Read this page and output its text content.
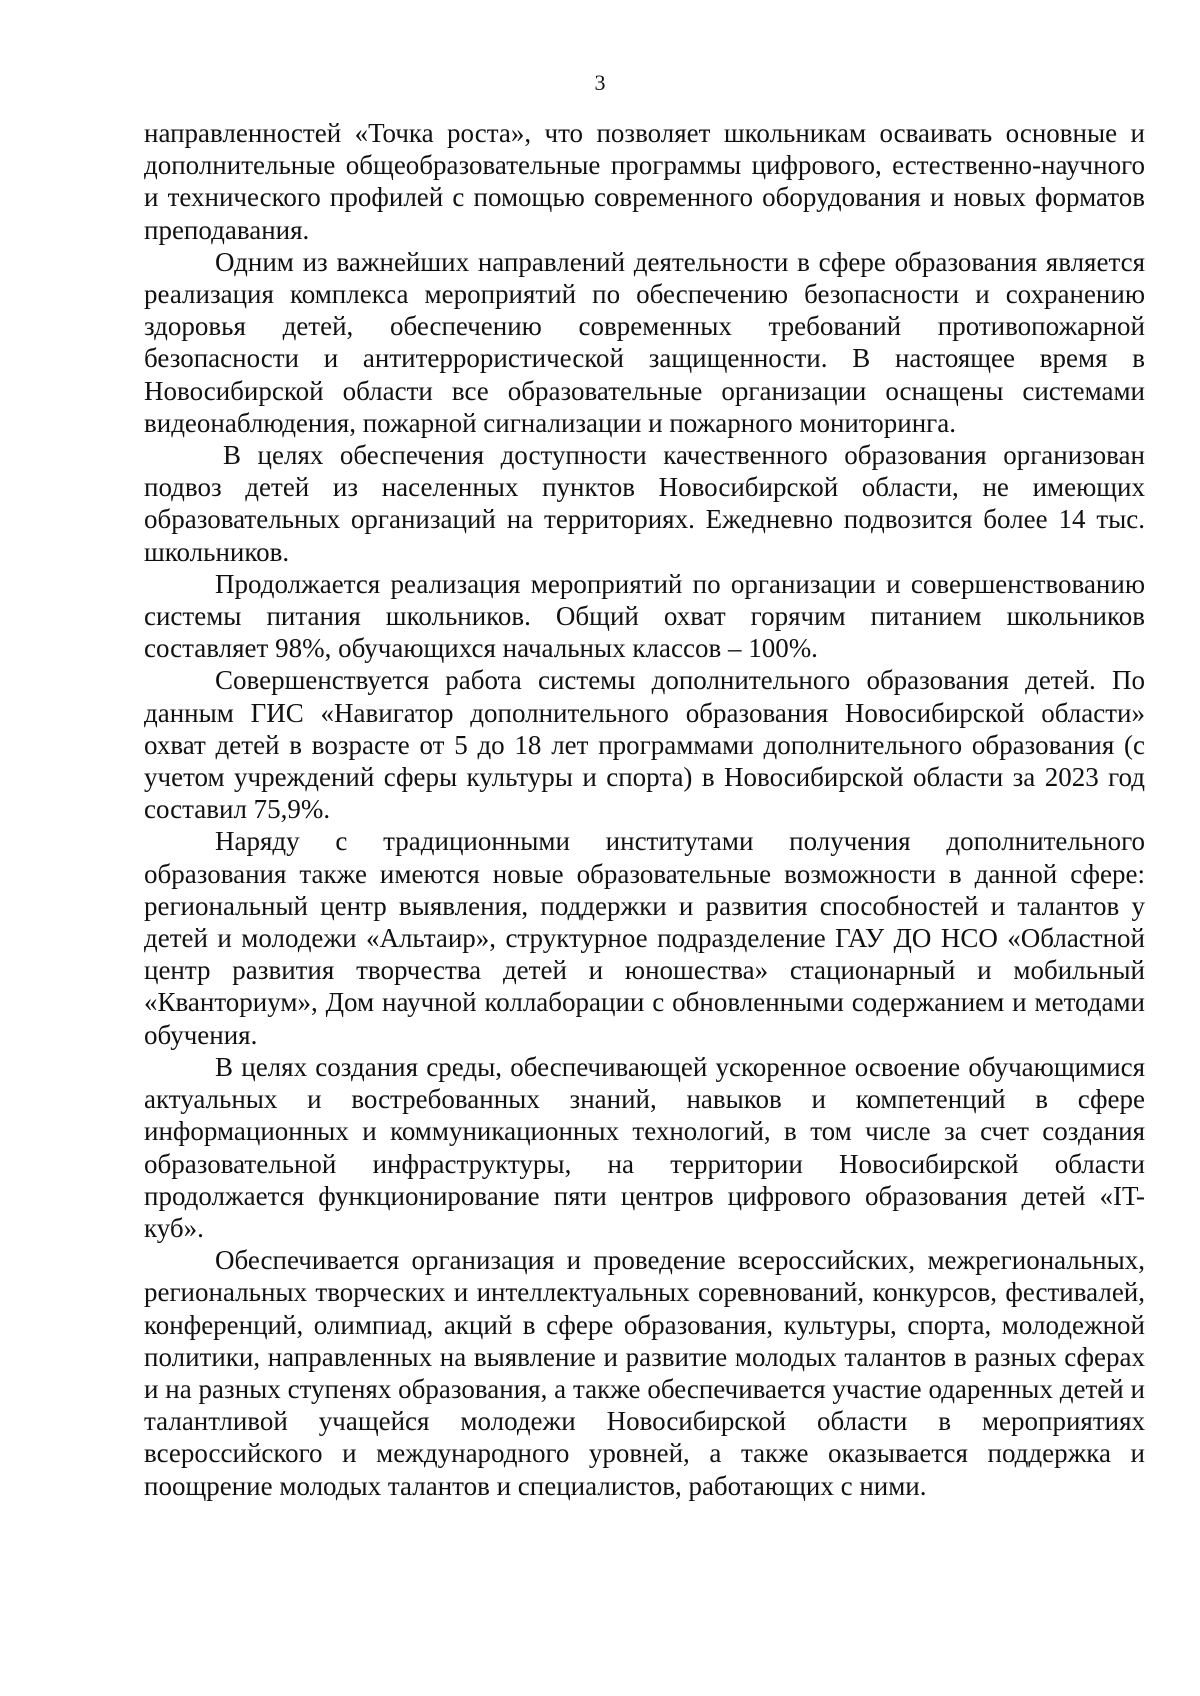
3

направленностей «Точка роста», что позволяет школьникам осваивать основные и дополнительные общеобразовательные программы цифрового, естественно-научного и технического профилей с помощью современного оборудования и новых форматов преподавания.

Одним из важнейших направлений деятельности в сфере образования является реализация комплекса мероприятий по обеспечению безопасности и сохранению здоровья детей, обеспечению современных требований противопожарной безопасности и антитеррористической защищенности. В настоящее время в Новосибирской области все образовательные организации оснащены системами видеонаблюдения, пожарной сигнализации и пожарного мониторинга.

В целях обеспечения доступности качественного образования организован подвоз детей из населенных пунктов Новосибирской области, не имеющих образовательных организаций на территориях. Ежедневно подвозится более 14 тыс. школьников.

Продолжается реализация мероприятий по организации и совершенствованию системы питания школьников. Общий охват горячим питанием школьников составляет 98%, обучающихся начальных классов – 100%.

Совершенствуется работа системы дополнительного образования детей. По данным ГИС «Навигатор дополнительного образования Новосибирской области» охват детей в возрасте от 5 до 18 лет программами дополнительного образования (с учетом учреждений сферы культуры и спорта) в Новосибирской области за 2023 год составил 75,9%.

Наряду с традиционными институтами получения дополнительного образования также имеются новые образовательные возможности в данной сфере: региональный центр выявления, поддержки и развития способностей и талантов у детей и молодежи «Альтаир», структурное подразделение ГАУ ДО НСО «Областной центр развития творчества детей и юношества» стационарный и мобильный «Кванториум», Дом научной коллаборации с обновленными содержанием и методами обучения.

В целях создания среды, обеспечивающей ускоренное освоение обучающимися актуальных и востребованных знаний, навыков и компетенций в сфере информационных и коммуникационных технологий, в том числе за счет создания образовательной инфраструктуры, на территории Новосибирской области продолжается функционирование пяти центров цифрового образования детей «IT-куб».

Обеспечивается организация и проведение всероссийских, межрегиональных, региональных творческих и интеллектуальных соревнований, конкурсов, фестивалей, конференций, олимпиад, акций в сфере образования, культуры, спорта, молодежной политики, направленных на выявление и развитие молодых талантов в разных сферах и на разных ступенях образования, а также обеспечивается участие одаренных детей и талантливой учащейся молодежи Новосибирской области в мероприятиях всероссийского и международного уровней, а также оказывается поддержка и поощрение молодых талантов и специалистов, работающих с ними.
